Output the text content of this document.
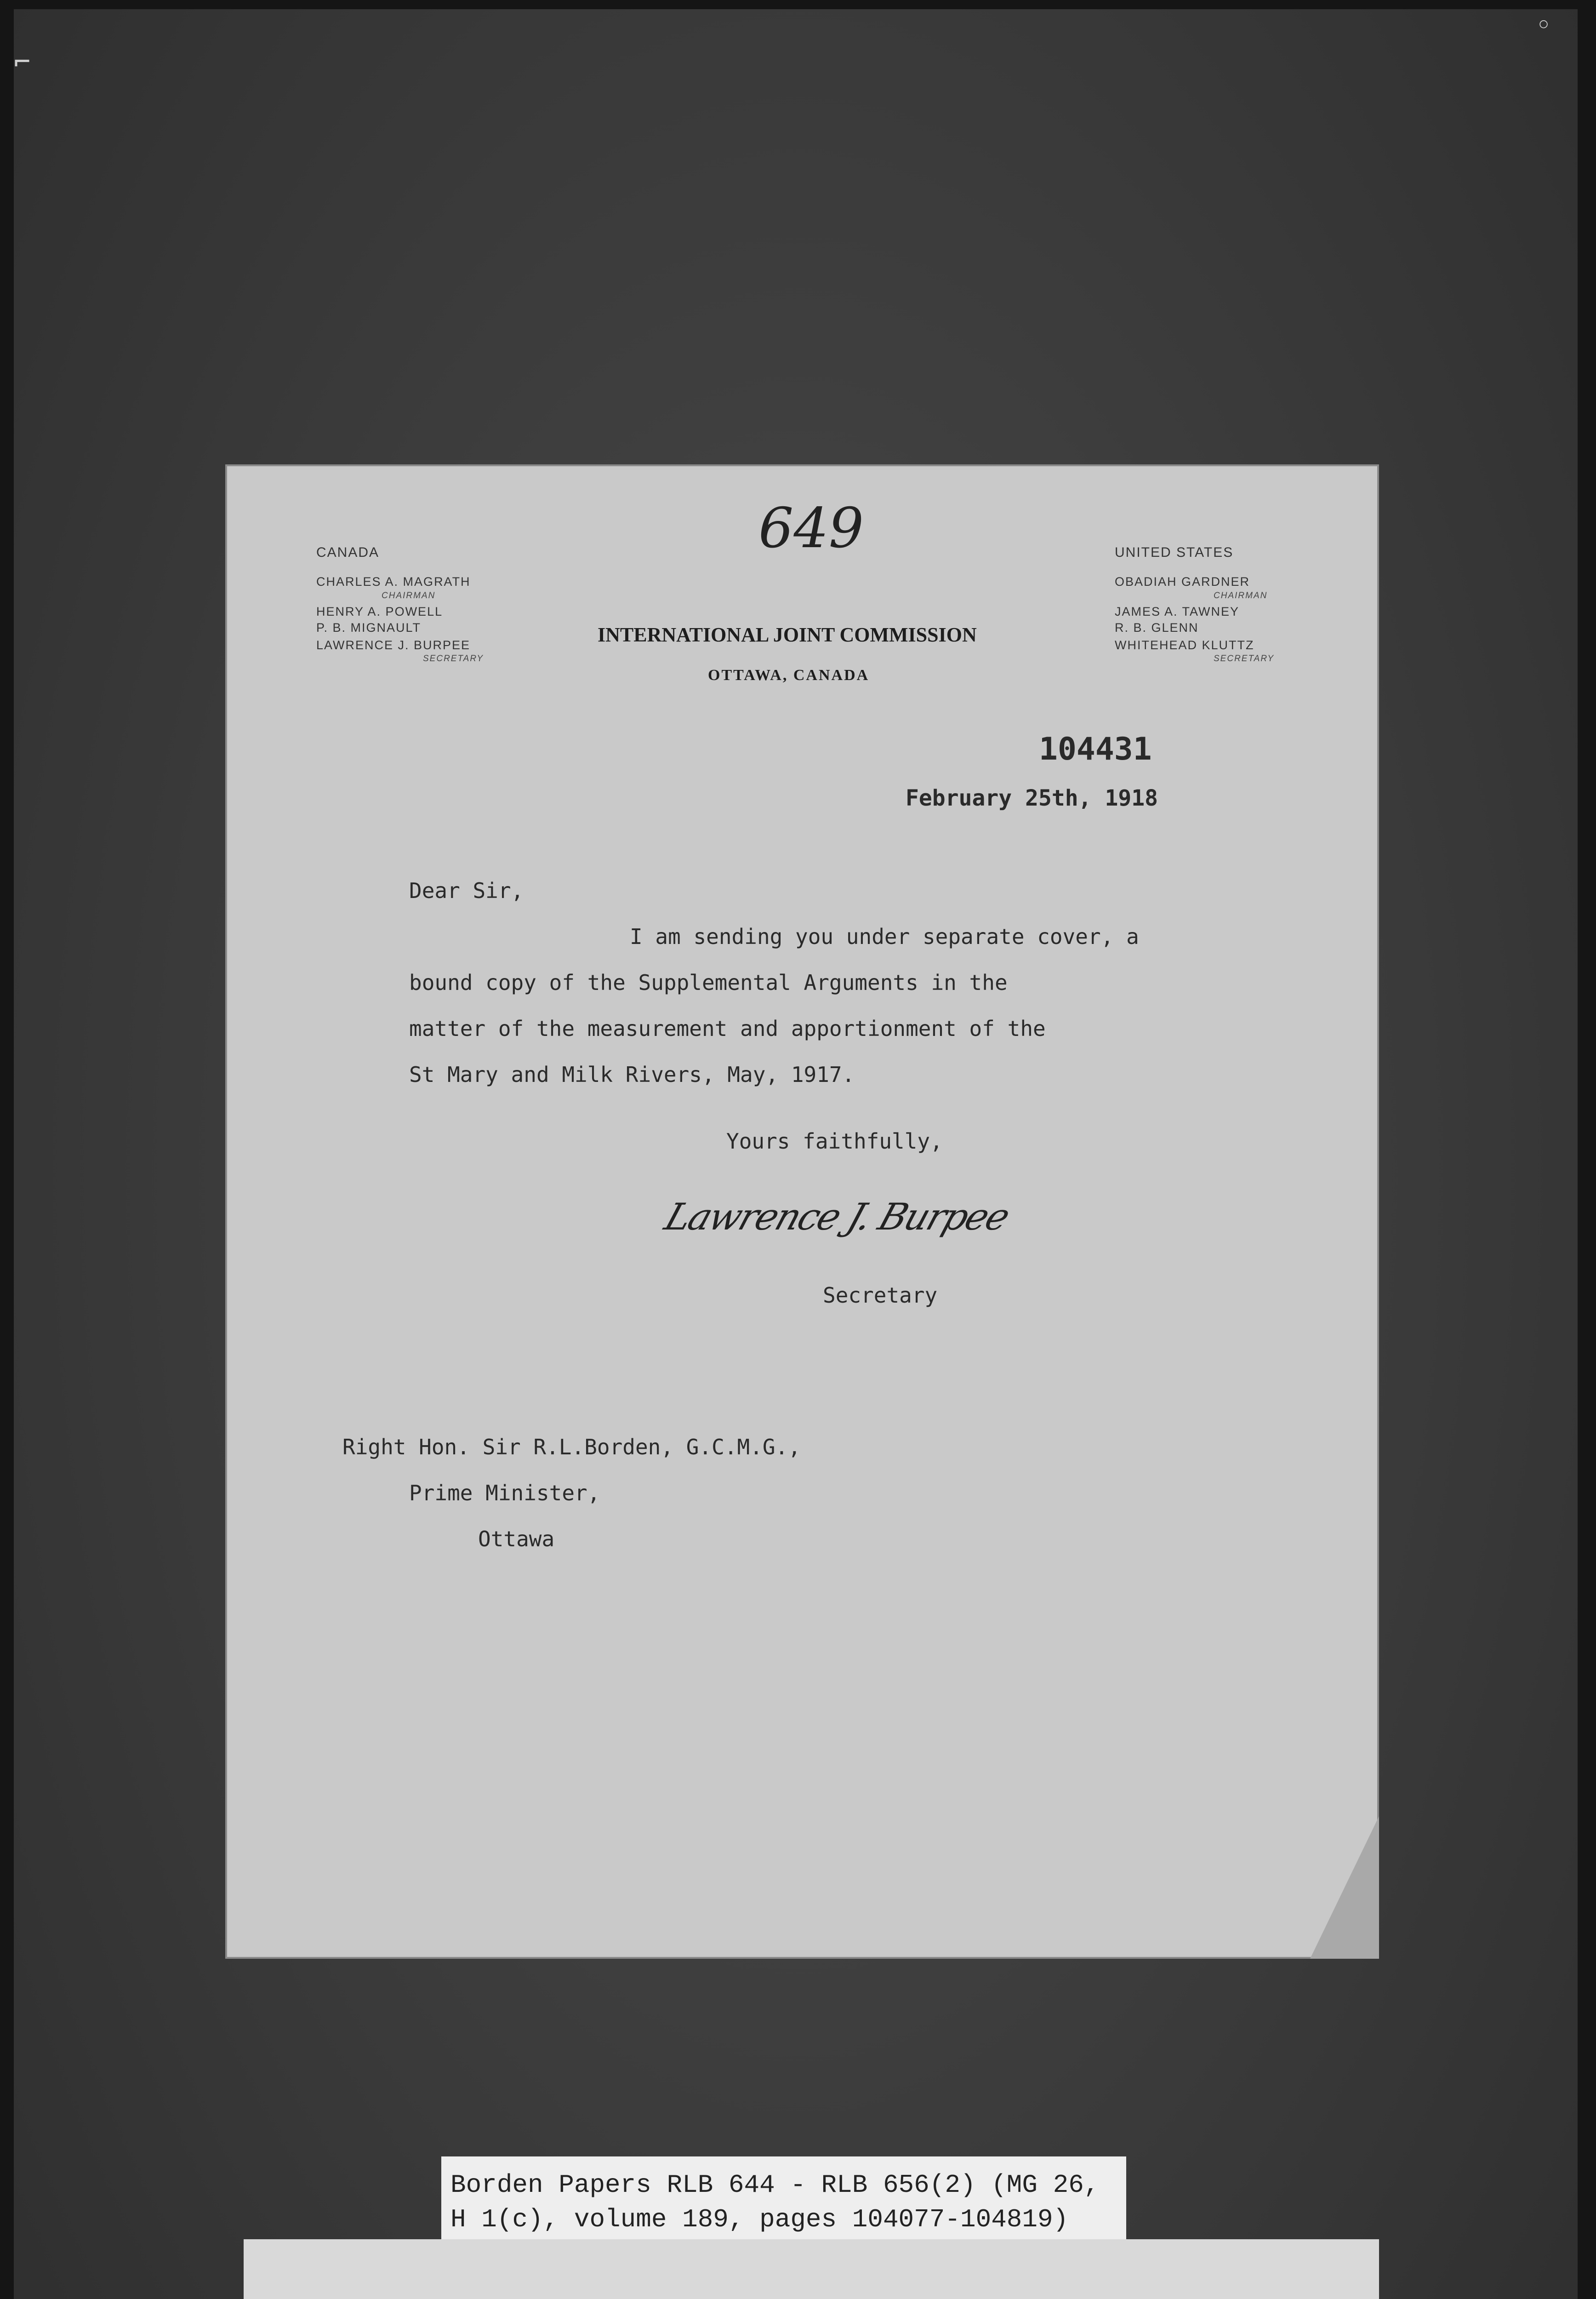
⌐
◦
649
CANADA
CHARLES A. MAGRATH
CHAIRMAN
HENRY A. POWELL
P. B. MIGNAULT
LAWRENCE J. BURPEE
SECRETARY
UNITED STATES
OBADIAH GARDNER
CHAIRMAN
JAMES A. TAWNEY
R. B. GLENN
WHITEHEAD KLUTTZ
SECRETARY
INTERNATIONAL JOINT COMMISSION
OTTAWA, CANADA
104431
February 25th, 1918
Dear Sir,
I am sending you under separate cover, a
bound copy of the Supplemental Arguments in the
matter of the measurement and apportionment of the
St Mary and Milk Rivers, May, 1917.
Yours faithfully,
Lawrence J. Burpee
Secretary
Right Hon. Sir R.L.Borden, G.C.M.G.,
Prime Minister,
Ottawa
Borden Papers RLB 644 - RLB 656(2) (MG 26,
H 1(c), volume 189, pages 104077-104819)
